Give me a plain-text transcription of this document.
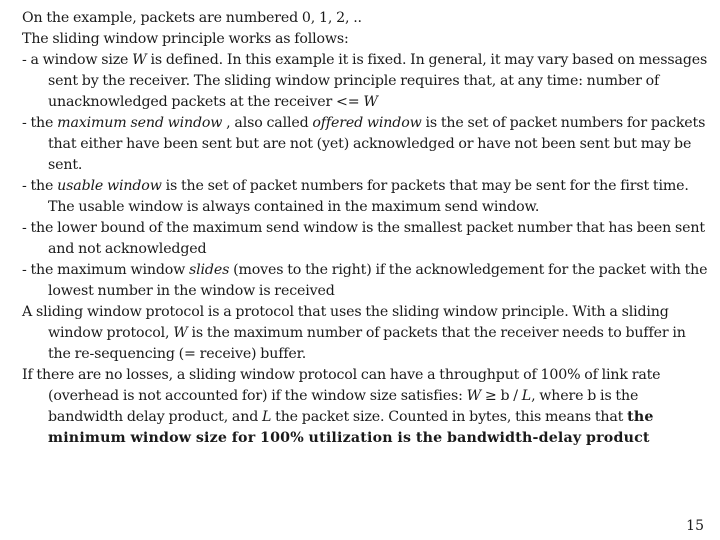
On the example, packets are numbered 0, 1, 2, ..

The sliding window principle works as follows:

- a window size W is defined. In this example it is fixed. In general, it may vary based on messages sent by the receiver. The sliding window principle requires that, at any time: number of unacknowledged packets at the receiver <= W

- the maximum send window , also called offered window is the set of packet numbers for packets that either have been sent but are not (yet) acknowledged or have not been sent but may be sent.

- the usable window is the set of packet numbers for packets that may be sent for the first time. The usable window is always contained in the maximum send window.

- the lower bound of the maximum send window is the smallest packet number that has been sent and not acknowledged

- the maximum window slides (moves to the right) if the acknowledgement for the packet with the lowest number in the window is received

A sliding window protocol is a protocol that uses the sliding window principle. With a sliding window protocol, W is the maximum number of packets that the receiver needs to buffer in the re-sequencing (= receive) buffer.

If there are no losses, a sliding window protocol can have a throughput of 100% of link rate (overhead is not accounted for) if the window size satisfies: W ≥ b / L, where b is the bandwidth delay product, and L the packet size. Counted in bytes, this means that the minimum window size for 100% utilization is the bandwidth-delay product

15
